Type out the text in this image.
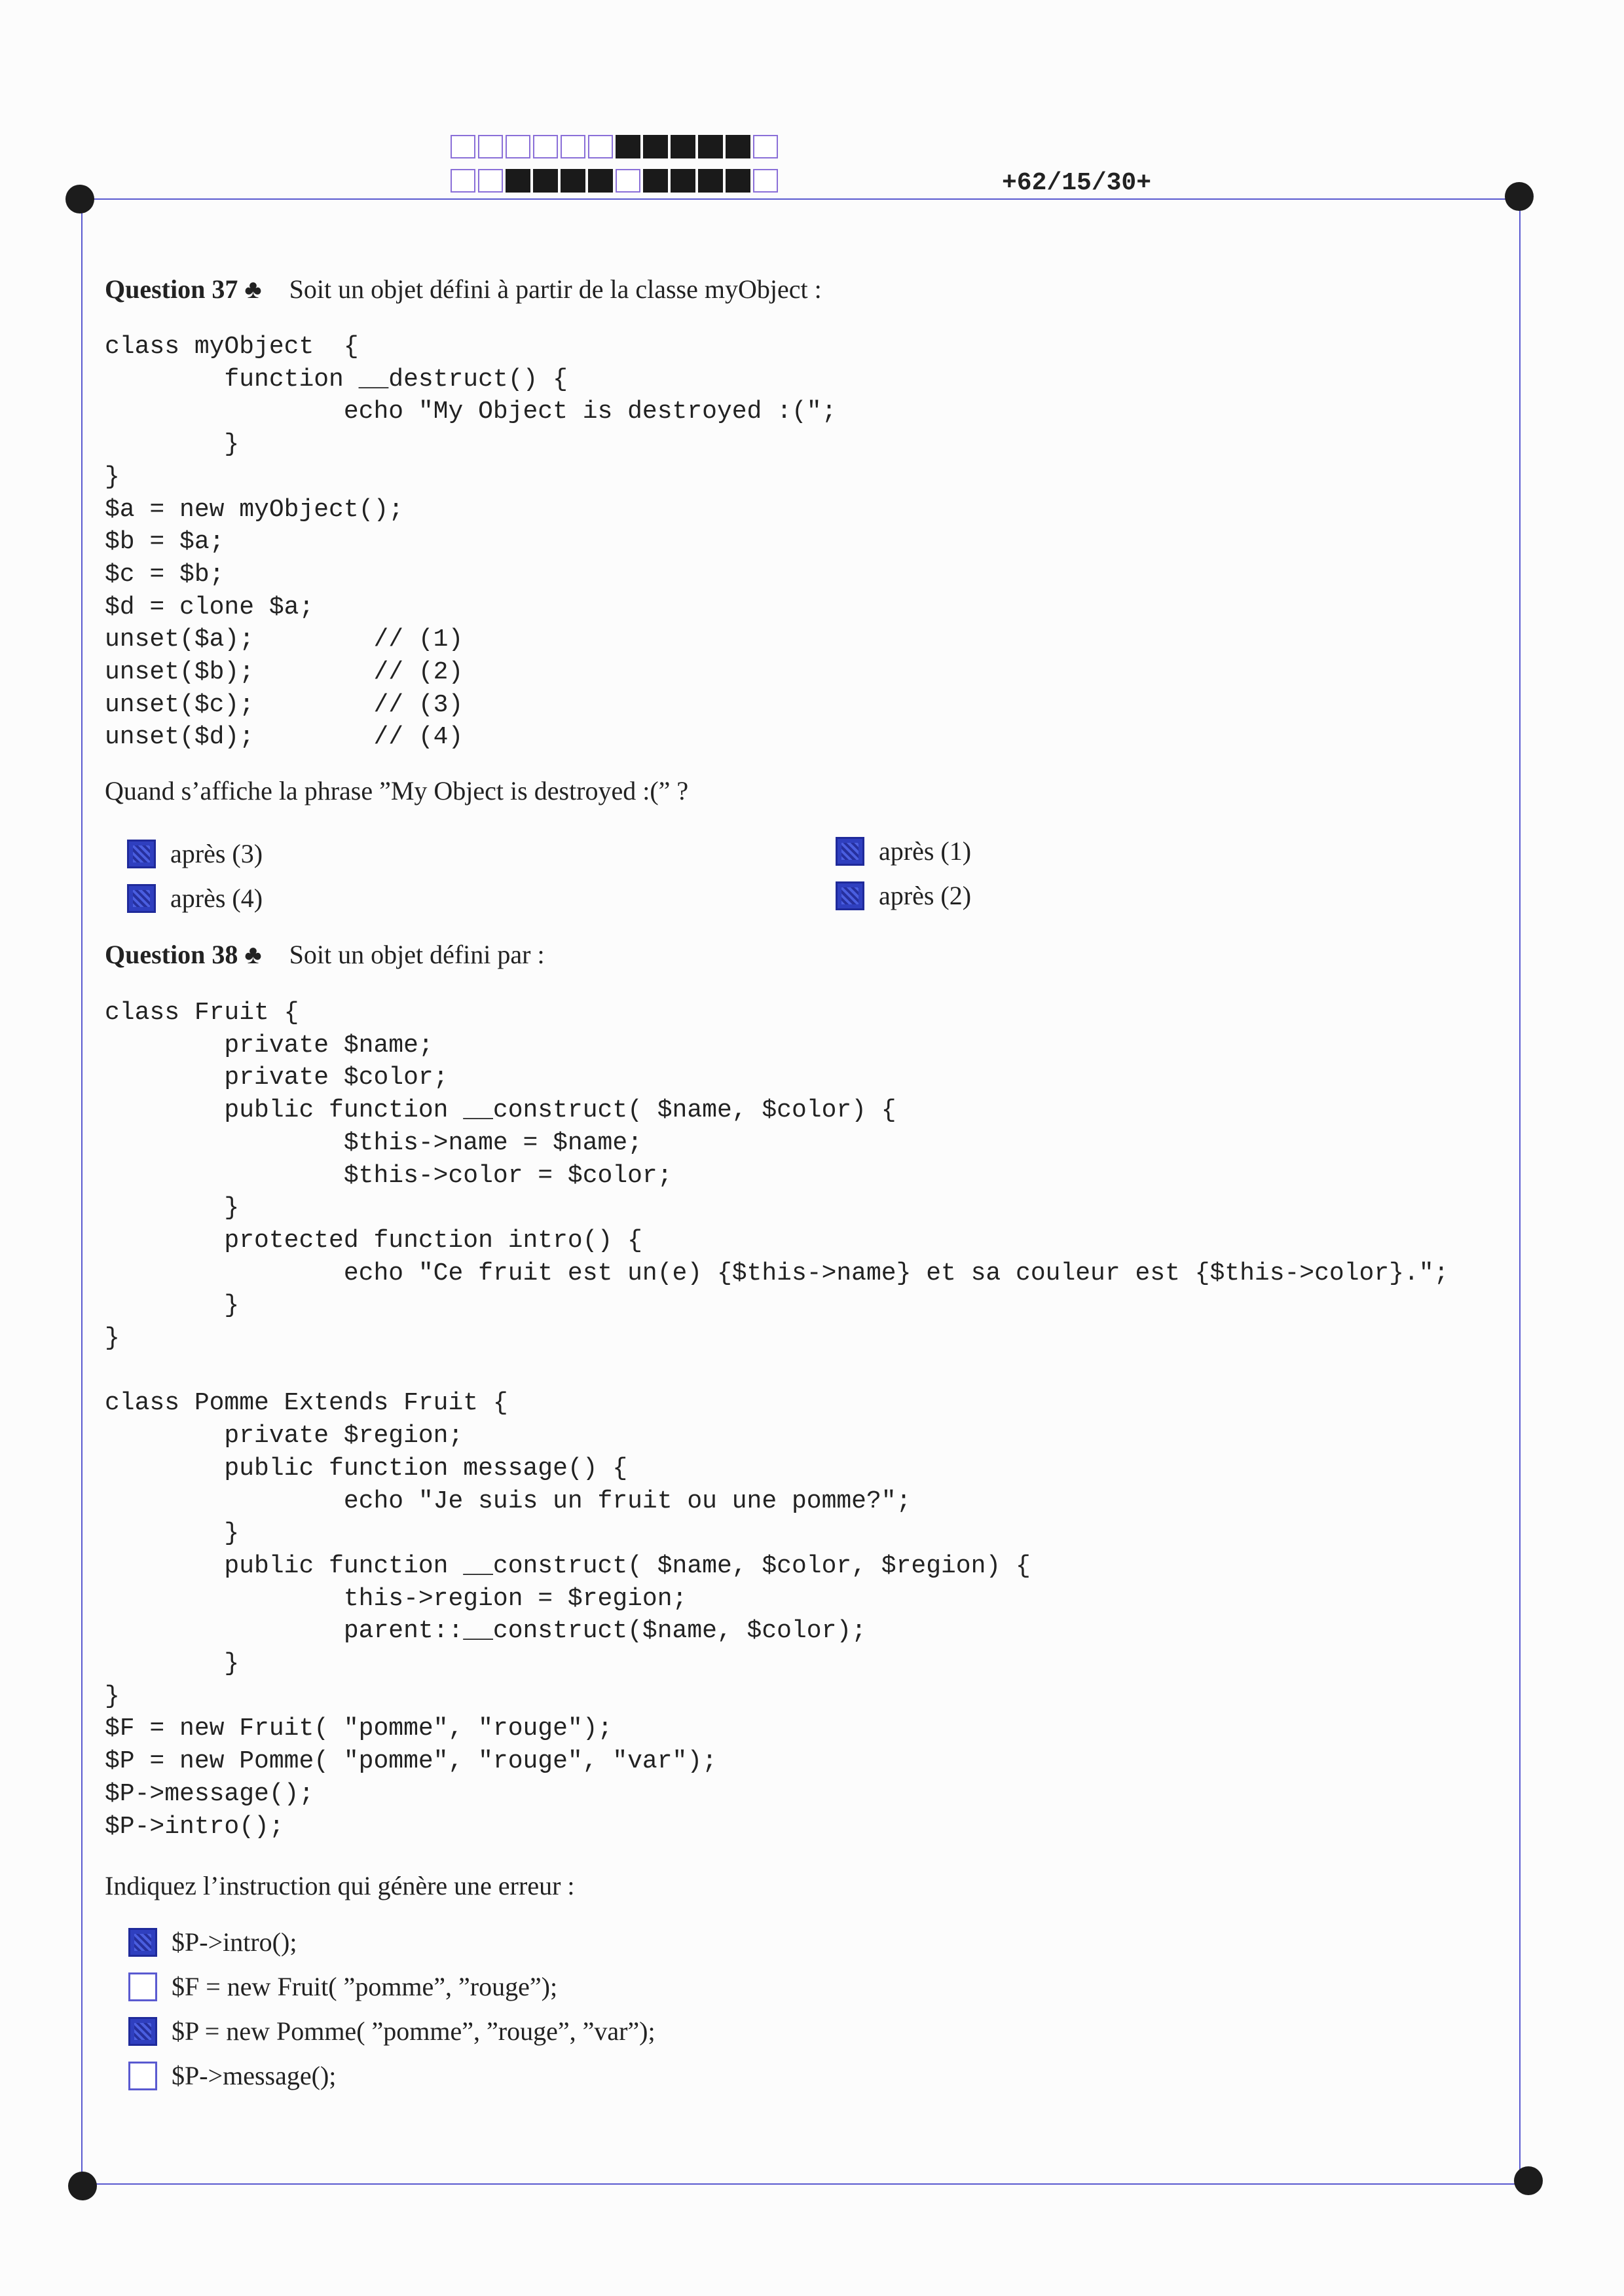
+62/15/30+
Question 37 ♣ Soit un objet défini à partir de la classe myObject :
class myObject  {
function __destruct() {
echo "My Object is destroyed :(";
}
}
$a = new myObject();
$b = $a;
$c = $b;
$d = clone $a;
unset($a);        // (1)
unset($b);        // (2)
unset($c);        // (3)
unset($d);        // (4)
Quand s’affiche la phrase ”My Object is destroyed :(” ?
après (3)
après (4)
après (1)
après (2)
Question 38 ♣ Soit un objet défini par :
class Fruit {
private $name;
private $color;
public function __construct( $name, $color) {
$this->name = $name;
$this->color = $color;
}
protected function intro() {
echo "Ce fruit est un(e) {$this->name} et sa couleur est {$this->color}.";
}
}

class Pomme Extends Fruit {
private $region;
public function message() {
echo "Je suis un fruit ou une pomme?";
}
public function __construct( $name, $color, $region) {
this->region = $region;
parent::__construct($name, $color);
}
}
$F = new Fruit( "pomme", "rouge");
$P = new Pomme( "pomme", "rouge", "var");
$P->message();
$P->intro();
Indiquez l’instruction qui génère une erreur :
$P->intro();
$F = new Fruit( ”pomme”, ”rouge”);
$P = new Pomme( ”pomme”, ”rouge”, ”var”);
$P->message();
